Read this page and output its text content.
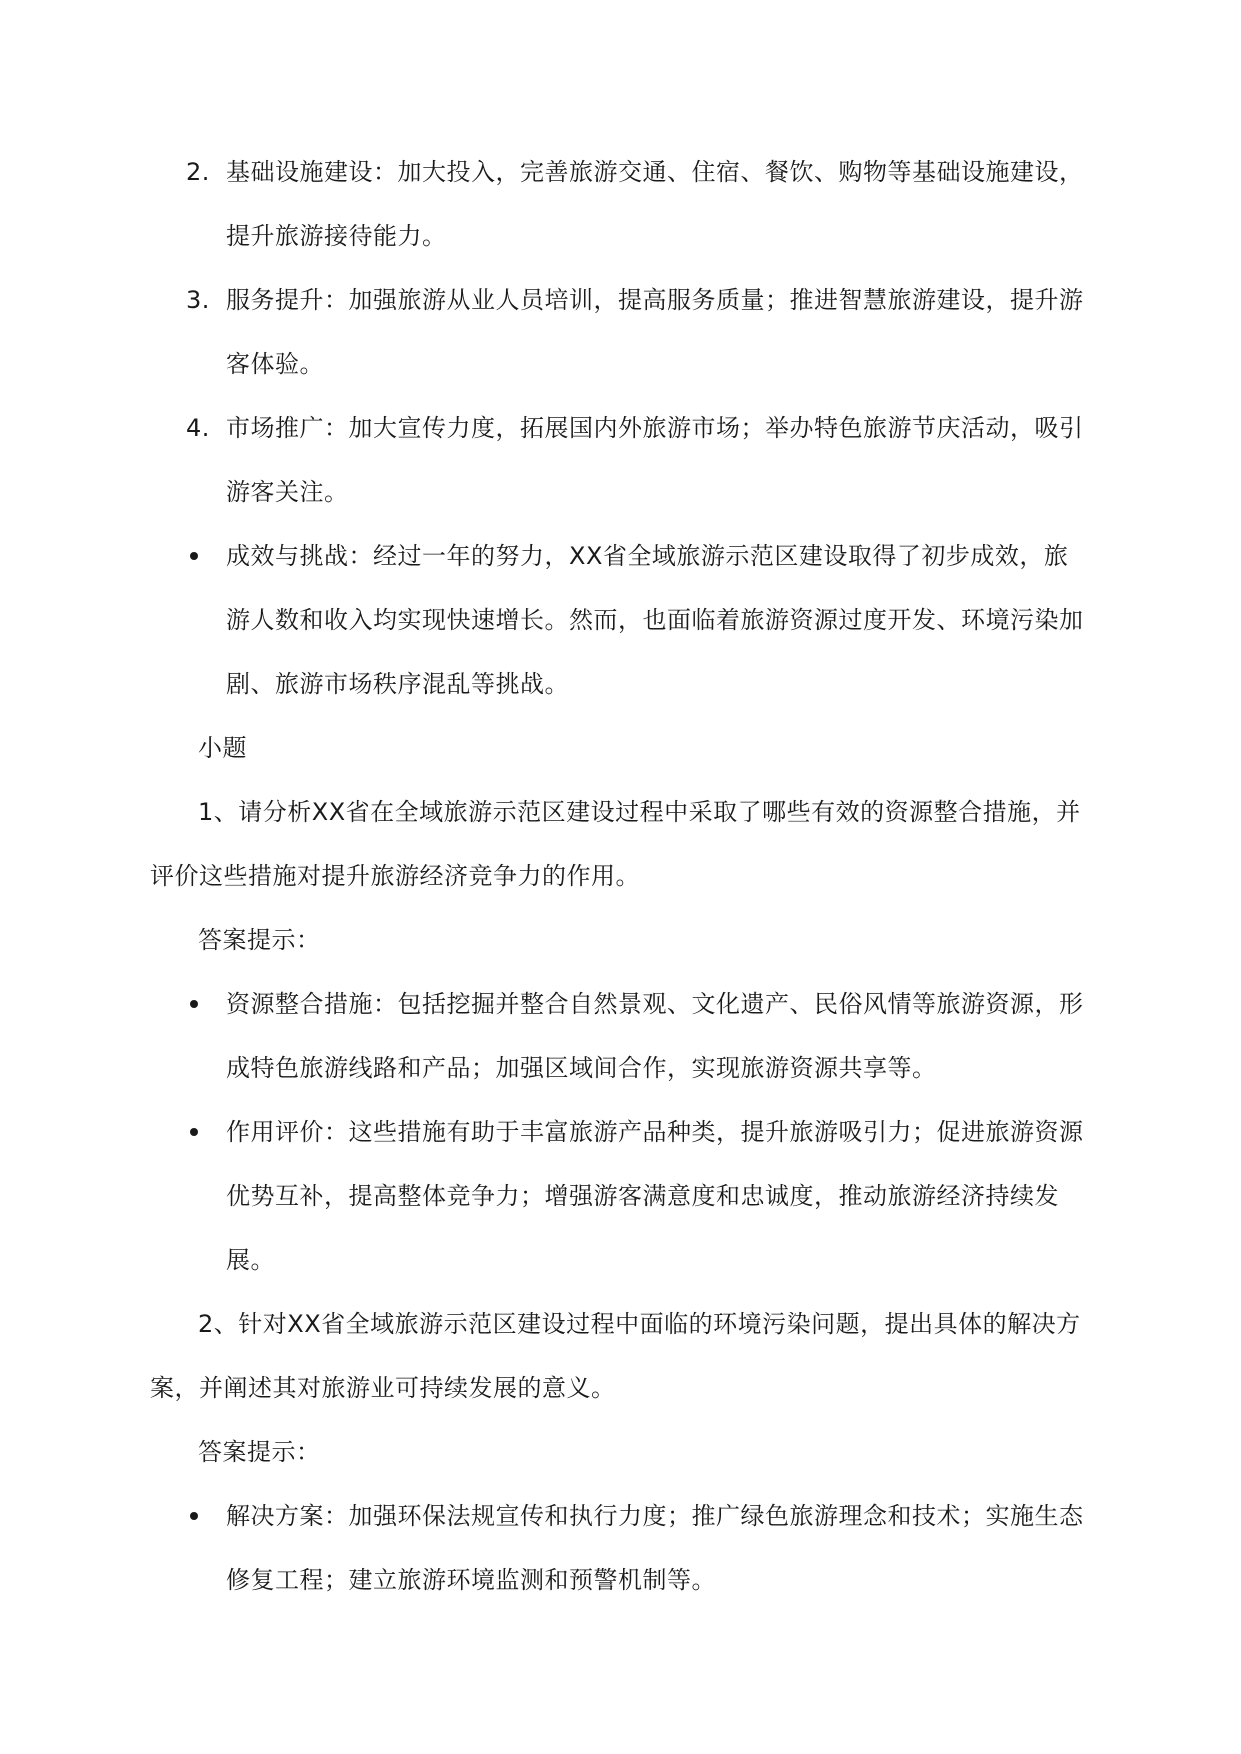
2. 基础设施建设：加大投入，完善旅游交通、住宿、餐饮、购物等基础设施建设，提升旅游接待能力。

3. 服务提升：加强旅游从业人员培训，提高服务质量；推进智慧旅游建设，提升游客体验。

4. 市场推广：加大宣传力度，拓展国内外旅游市场；举办特色旅游节庆活动，吸引游客关注。

成效与挑战：经过一年的努力，XX省全域旅游示范区建设取得了初步成效，旅游人数和收入均实现快速增长。然而，也面临着旅游资源过度开发、环境污染加剧、旅游市场秩序混乱等挑战。

小题

1、请分析XX省在全域旅游示范区建设过程中采取了哪些有效的资源整合措施，并评价这些措施对提升旅游经济竞争力的作用。

答案提示：

资源整合措施：包括挖掘并整合自然景观、文化遗产、民俗风情等旅游资源，形成特色旅游线路和产品；加强区域间合作，实现旅游资源共享等。

作用评价：这些措施有助于丰富旅游产品种类，提升旅游吸引力；促进旅游资源优势互补，提高整体竞争力；增强游客满意度和忠诚度，推动旅游经济持续发展。

2、针对XX省全域旅游示范区建设过程中面临的环境污染问题，提出具体的解决方案，并阐述其对旅游业可持续发展的意义。

答案提示：

解决方案：加强环保法规宣传和执行力度；推广绿色旅游理念和技术；实施生态修复工程；建立旅游环境监测和预警机制等。
